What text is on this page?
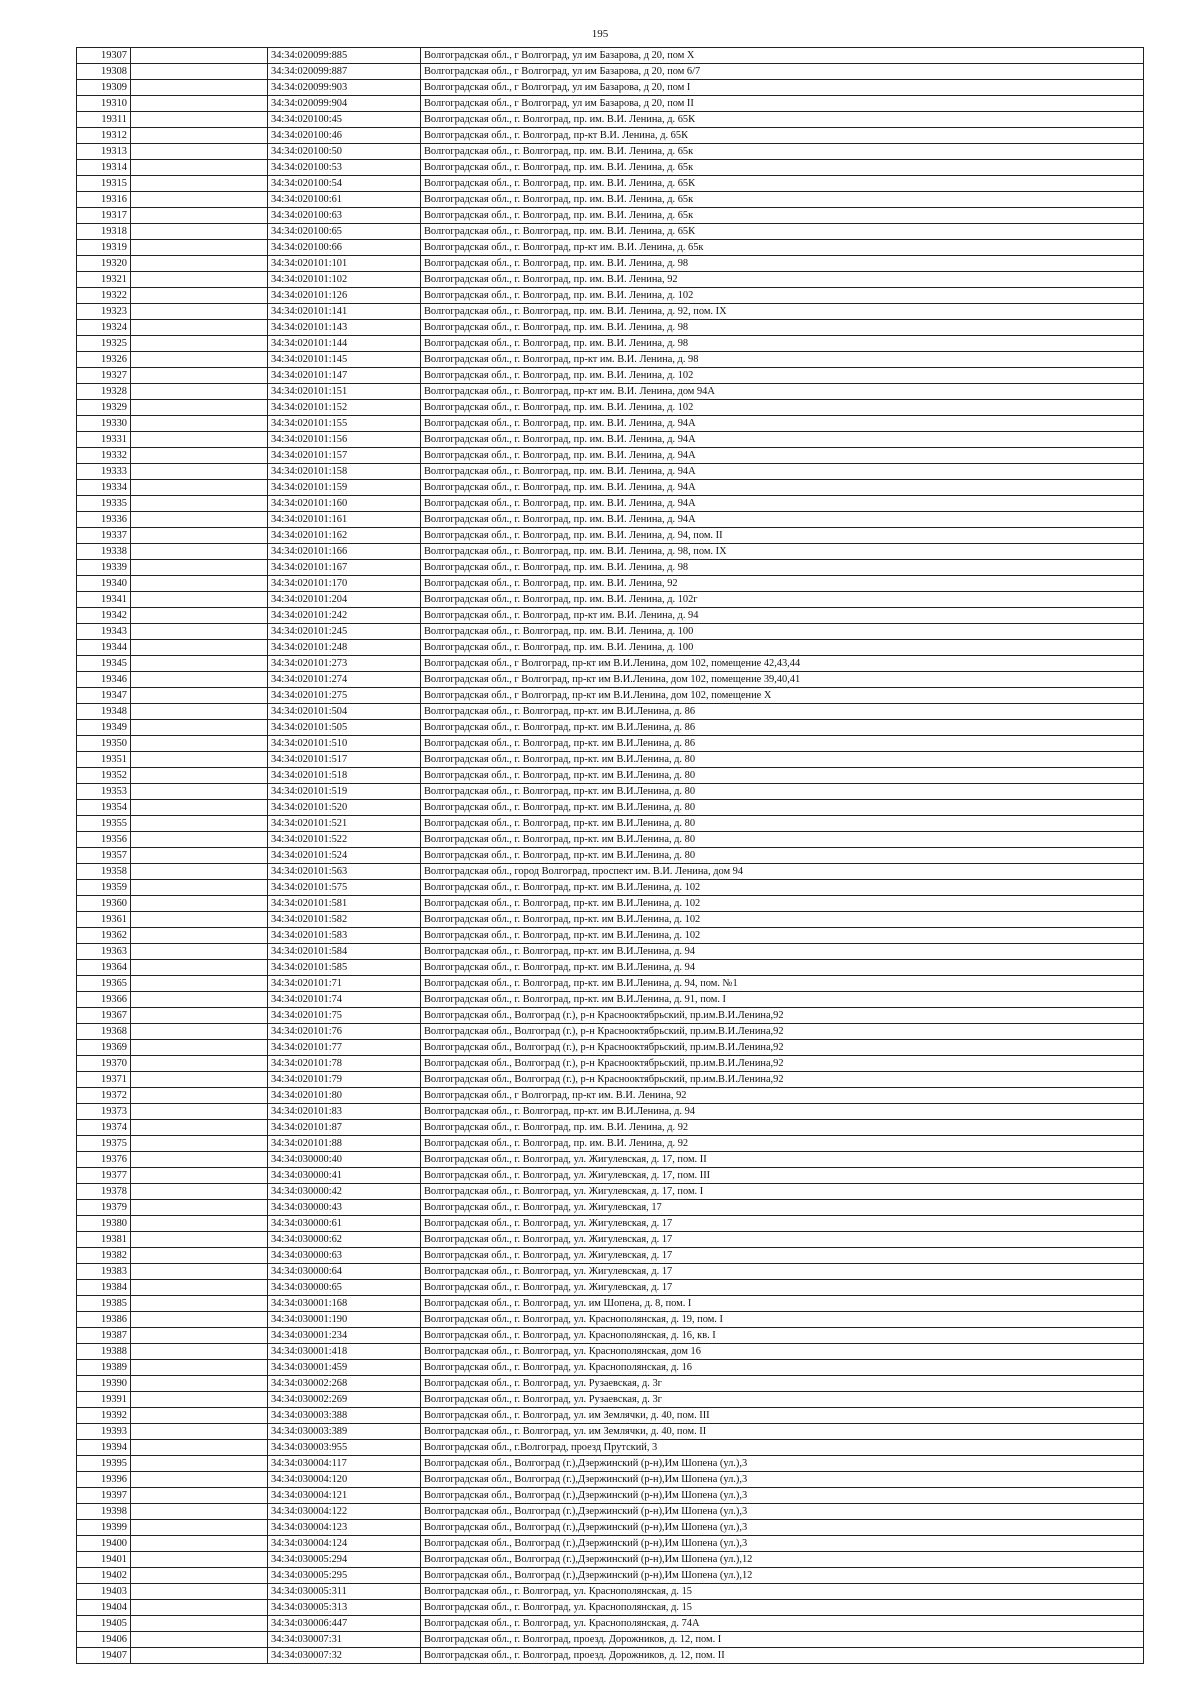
195
19307		34:34:020099:885	Волгоградская обл., г Волгоград, ул им Базарова, д 20, пом X
19308		34:34:020099:887	Волгоградская обл., г Волгоград, ул им Базарова, д 20, пом 6/7
19309		34:34:020099:903	Волгоградская обл., г Волгоград, ул им Базарова, д 20, пом I
19310		34:34:020099:904	Волгоградская обл., г Волгоград, ул им Базарова, д 20, пом II
19311		34:34:020100:45	Волгоградская обл., г. Волгоград, пр. им. В.И. Ленина, д. 65К
19312		34:34:020100:46	Волгоградская обл., г. Волгоград, пр-кт В.И. Ленина, д. 65К
19313		34:34:020100:50	Волгоградская обл., г. Волгоград, пр. им. В.И. Ленина, д. 65к
19314		34:34:020100:53	Волгоградская обл., г. Волгоград, пр. им. В.И. Ленина, д. 65к
19315		34:34:020100:54	Волгоградская обл., г. Волгоград, пр. им. В.И. Ленина, д. 65К
19316		34:34:020100:61	Волгоградская обл., г. Волгоград, пр. им. В.И. Ленина, д. 65к
19317		34:34:020100:63	Волгоградская обл., г. Волгоград, пр. им. В.И. Ленина, д. 65к
19318		34:34:020100:65	Волгоградская обл., г. Волгоград, пр. им. В.И. Ленина, д. 65К
19319		34:34:020100:66	Волгоградская обл., г. Волгоград, пр-кт им. В.И. Ленина, д. 65к
19320		34:34:020101:101	Волгоградская обл., г. Волгоград, пр. им. В.И. Ленина, д. 98
19321		34:34:020101:102	Волгоградская обл., г. Волгоград, пр. им. В.И. Ленина, 92
19322		34:34:020101:126	Волгоградская обл., г. Волгоград, пр. им. В.И. Ленина, д. 102
19323		34:34:020101:141	Волгоградская обл., г. Волгоград, пр. им. В.И. Ленина, д. 92, пом. IX
19324		34:34:020101:143	Волгоградская обл., г. Волгоград, пр. им. В.И. Ленина, д. 98
19325		34:34:020101:144	Волгоградская обл., г. Волгоград, пр. им. В.И. Ленина, д. 98
19326		34:34:020101:145	Волгоградская обл., г. Волгоград, пр-кт им. В.И. Ленина, д. 98
19327		34:34:020101:147	Волгоградская обл., г. Волгоград, пр. им. В.И. Ленина, д. 102
19328		34:34:020101:151	Волгоградская обл., г. Волгоград, пр-кт им. В.И. Ленина, дом 94А
19329		34:34:020101:152	Волгоградская обл., г. Волгоград, пр. им. В.И. Ленина, д. 102
19330		34:34:020101:155	Волгоградская обл., г. Волгоград, пр. им. В.И. Ленина, д. 94А
19331		34:34:020101:156	Волгоградская обл., г. Волгоград, пр. им. В.И. Ленина, д. 94А
19332		34:34:020101:157	Волгоградская обл., г. Волгоград, пр. им. В.И. Ленина, д. 94А
19333		34:34:020101:158	Волгоградская обл., г. Волгоград, пр. им. В.И. Ленина, д. 94А
19334		34:34:020101:159	Волгоградская обл., г. Волгоград, пр. им. В.И. Ленина, д. 94А
19335		34:34:020101:160	Волгоградская обл., г. Волгоград, пр. им. В.И. Ленина, д. 94А
19336		34:34:020101:161	Волгоградская обл., г. Волгоград, пр. им. В.И. Ленина, д. 94А
19337		34:34:020101:162	Волгоградская обл., г. Волгоград, пр. им. В.И. Ленина, д. 94, пом. II
19338		34:34:020101:166	Волгоградская обл., г. Волгоград, пр. им. В.И. Ленина, д. 98, пом. IX
19339		34:34:020101:167	Волгоградская обл., г. Волгоград, пр. им. В.И. Ленина, д. 98
19340		34:34:020101:170	Волгоградская обл., г. Волгоград, пр. им. В.И. Ленина, 92
19341		34:34:020101:204	Волгоградская обл., г. Волгоград, пр. им. В.И. Ленина, д. 102г
19342		34:34:020101:242	Волгоградская обл., г. Волгоград, пр-кт им. В.И. Ленина, д. 94
19343		34:34:020101:245	Волгоградская обл., г. Волгоград, пр. им. В.И. Ленина, д. 100
19344		34:34:020101:248	Волгоградская обл., г. Волгоград, пр. им. В.И. Ленина, д. 100
19345		34:34:020101:273	Волгоградская обл., г Волгоград, пр-кт им В.И.Ленина, дом 102, помещение 42,43,44
19346		34:34:020101:274	Волгоградская обл., г Волгоград, пр-кт им В.И.Ленина, дом 102, помещение 39,40,41
19347		34:34:020101:275	Волгоградская обл., г Волгоград, пр-кт им В.И.Ленина, дом 102, помещение X
19348		34:34:020101:504	Волгоградская обл., г. Волгоград, пр-кт. им В.И.Ленина, д. 86
19349		34:34:020101:505	Волгоградская обл., г. Волгоград, пр-кт. им В.И.Ленина, д. 86
19350		34:34:020101:510	Волгоградская обл., г. Волгоград, пр-кт. им В.И.Ленина, д. 86
19351		34:34:020101:517	Волгоградская обл., г. Волгоград, пр-кт. им В.И.Ленина, д. 80
19352		34:34:020101:518	Волгоградская обл., г. Волгоград, пр-кт. им В.И.Ленина, д. 80
19353		34:34:020101:519	Волгоградская обл., г. Волгоград, пр-кт. им В.И.Ленина, д. 80
19354		34:34:020101:520	Волгоградская обл., г. Волгоград, пр-кт. им В.И.Ленина, д. 80
19355		34:34:020101:521	Волгоградская обл., г. Волгоград, пр-кт. им В.И.Ленина, д. 80
19356		34:34:020101:522	Волгоградская обл., г. Волгоград, пр-кт. им В.И.Ленина, д. 80
19357		34:34:020101:524	Волгоградская обл., г. Волгоград, пр-кт. им В.И.Ленина, д. 80
19358		34:34:020101:563	Волгоградская обл., город Волгоград, проспект им. В.И. Ленина, дом 94
19359		34:34:020101:575	Волгоградская обл., г. Волгоград, пр-кт. им В.И.Ленина, д. 102
19360		34:34:020101:581	Волгоградская обл., г. Волгоград, пр-кт. им В.И.Ленина, д. 102
19361		34:34:020101:582	Волгоградская обл., г. Волгоград, пр-кт. им В.И.Ленина, д. 102
19362		34:34:020101:583	Волгоградская обл., г. Волгоград, пр-кт. им В.И.Ленина, д. 102
19363		34:34:020101:584	Волгоградская обл., г. Волгоград, пр-кт. им В.И.Ленина, д. 94
19364		34:34:020101:585	Волгоградская обл., г. Волгоград, пр-кт. им В.И.Ленина, д. 94
19365		34:34:020101:71	Волгоградская обл., г. Волгоград, пр-кт. им В.И.Ленина, д. 94, пом. №1
19366		34:34:020101:74	Волгоградская обл., г. Волгоград, пр-кт. им В.И.Ленина, д. 91, пом. I
19367		34:34:020101:75	Волгоградская обл., Волгоград (г.), р-н Краснооктябрьский, пр.им.В.И.Ленина,92
19368		34:34:020101:76	Волгоградская обл., Волгоград (г.), р-н Краснооктябрьский, пр.им.В.И.Ленина,92
19369		34:34:020101:77	Волгоградская обл., Волгоград (г.), р-н Краснооктябрьский, пр.им.В.И.Ленина,92
19370		34:34:020101:78	Волгоградская обл., Волгоград (г.), р-н Краснооктябрьский, пр.им.В.И.Ленина,92
19371		34:34:020101:79	Волгоградская обл., Волгоград (г.), р-н Краснооктябрьский, пр.им.В.И.Ленина,92
19372		34:34:020101:80	Волгоградская обл., г Волгоград, пр-кт им. В.И. Ленина, 92
19373		34:34:020101:83	Волгоградская обл., г. Волгоград, пр-кт. им В.И.Ленина, д. 94
19374		34:34:020101:87	Волгоградская обл., г. Волгоград, пр. им. В.И. Ленина, д. 92
19375		34:34:020101:88	Волгоградская обл., г. Волгоград, пр. им. В.И. Ленина, д. 92
19376		34:34:030000:40	Волгоградская обл., г. Волгоград, ул. Жигулевская, д. 17, пом. II
19377		34:34:030000:41	Волгоградская обл., г. Волгоград, ул. Жигулевская, д. 17, пом. III
19378		34:34:030000:42	Волгоградская обл., г. Волгоград, ул. Жигулевская, д. 17, пом. I
19379		34:34:030000:43	Волгоградская обл., г. Волгоград, ул. Жигулевская, 17
19380		34:34:030000:61	Волгоградская обл., г. Волгоград, ул. Жигулевская, д. 17
19381		34:34:030000:62	Волгоградская обл., г. Волгоград, ул. Жигулевская, д. 17
19382		34:34:030000:63	Волгоградская обл., г. Волгоград, ул. Жигулевская, д. 17
19383		34:34:030000:64	Волгоградская обл., г. Волгоград, ул. Жигулевская, д. 17
19384		34:34:030000:65	Волгоградская обл., г. Волгоград, ул. Жигулевская, д. 17
19385		34:34:030001:168	Волгоградская обл., г. Волгоград, ул. им Шопена, д. 8, пом. I
19386		34:34:030001:190	Волгоградская обл., г. Волгоград, ул. Краснополянская, д. 19, пом. I
19387		34:34:030001:234	Волгоградская обл., г. Волгоград, ул. Краснополянская, д. 16, кв. I
19388		34:34:030001:418	Волгоградская обл., г. Волгоград, ул. Краснополянская, дом 16
19389		34:34:030001:459	Волгоградская обл., г. Волгоград, ул. Краснополянская, д. 16
19390		34:34:030002:268	Волгоградская обл., г. Волгоград, ул. Рузаевская, д. 3г
19391		34:34:030002:269	Волгоградская обл., г. Волгоград, ул. Рузаевская, д. 3г
19392		34:34:030003:388	Волгоградская обл., г. Волгоград, ул. им Землячки, д. 40, пом. III
19393		34:34:030003:389	Волгоградская обл., г. Волгоград, ул. им Землячки, д. 40, пом. II
19394		34:34:030003:955	Волгоградская обл., г.Волгоград, проезд Прутский, 3
19395		34:34:030004:117	Волгоградская обл., Волгоград (г.),Дзержинский (р-н),Им Шопена (ул.),3
19396		34:34:030004:120	Волгоградская обл., Волгоград (г.),Дзержинский (р-н),Им Шопена (ул.),3
19397		34:34:030004:121	Волгоградская обл., Волгоград (г.),Дзержинский (р-н),Им Шопена (ул.),3
19398		34:34:030004:122	Волгоградская обл., Волгоград (г.),Дзержинский (р-н),Им Шопена (ул.),3
19399		34:34:030004:123	Волгоградская обл., Волгоград (г.),Дзержинский (р-н),Им Шопена (ул.),3
19400		34:34:030004:124	Волгоградская обл., Волгоград (г.),Дзержинский (р-н),Им Шопена (ул.),3
19401		34:34:030005:294	Волгоградская обл., Волгоград (г.),Дзержинский (р-н),Им Шопена (ул.),12
19402		34:34:030005:295	Волгоградская обл., Волгоград (г.),Дзержинский (р-н),Им Шопена (ул.),12
19403		34:34:030005:311	Волгоградская обл., г. Волгоград, ул. Краснополянская, д. 15
19404		34:34:030005:313	Волгоградская обл., г. Волгоград, ул. Краснополянская, д. 15
19405		34:34:030006:447	Волгоградская обл., г. Волгоград, ул. Краснополянская, д. 74А
19406		34:34:030007:31	Волгоградская обл., г. Волгоград, проезд. Дорожников, д. 12, пом. I
19407		34:34:030007:32	Волгоградская обл., г. Волгоград, проезд. Дорожников, д. 12, пом. II
